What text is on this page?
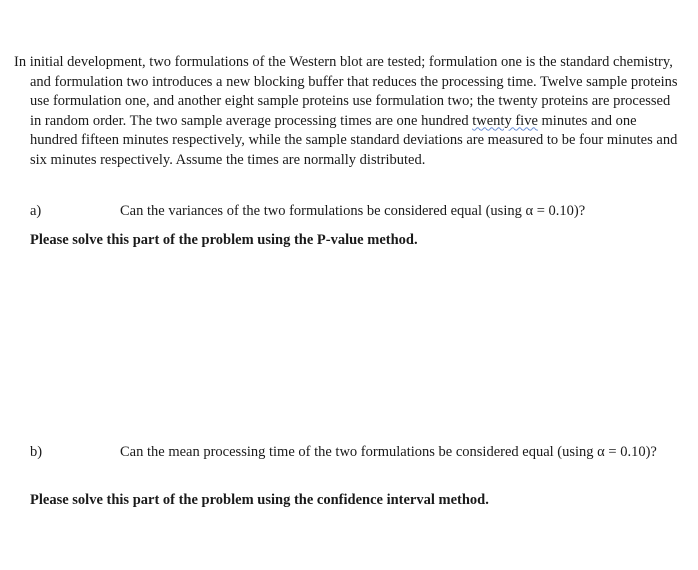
In initial development, two formulations of the Western blot are tested; formulation one is the standard chemistry, and formulation two introduces a new blocking buffer that reduces the processing time. Twelve sample proteins use formulation one, and another eight sample proteins use formulation two; the twenty proteins are processed in random order. The two sample average processing times are one hundred twenty five minutes and one hundred fifteen minutes respectively, while the sample standard deviations are measured to be four minutes and six minutes respectively. Assume the times are normally distributed.

a)	Can the variances of the two formulations be considered equal (using α = 0.10)?

Please solve this part of the problem using the P-value method.

b)	Can the mean processing time of the two formulations be considered equal (using α = 0.10)?

Please solve this part of the problem using the confidence interval method.
